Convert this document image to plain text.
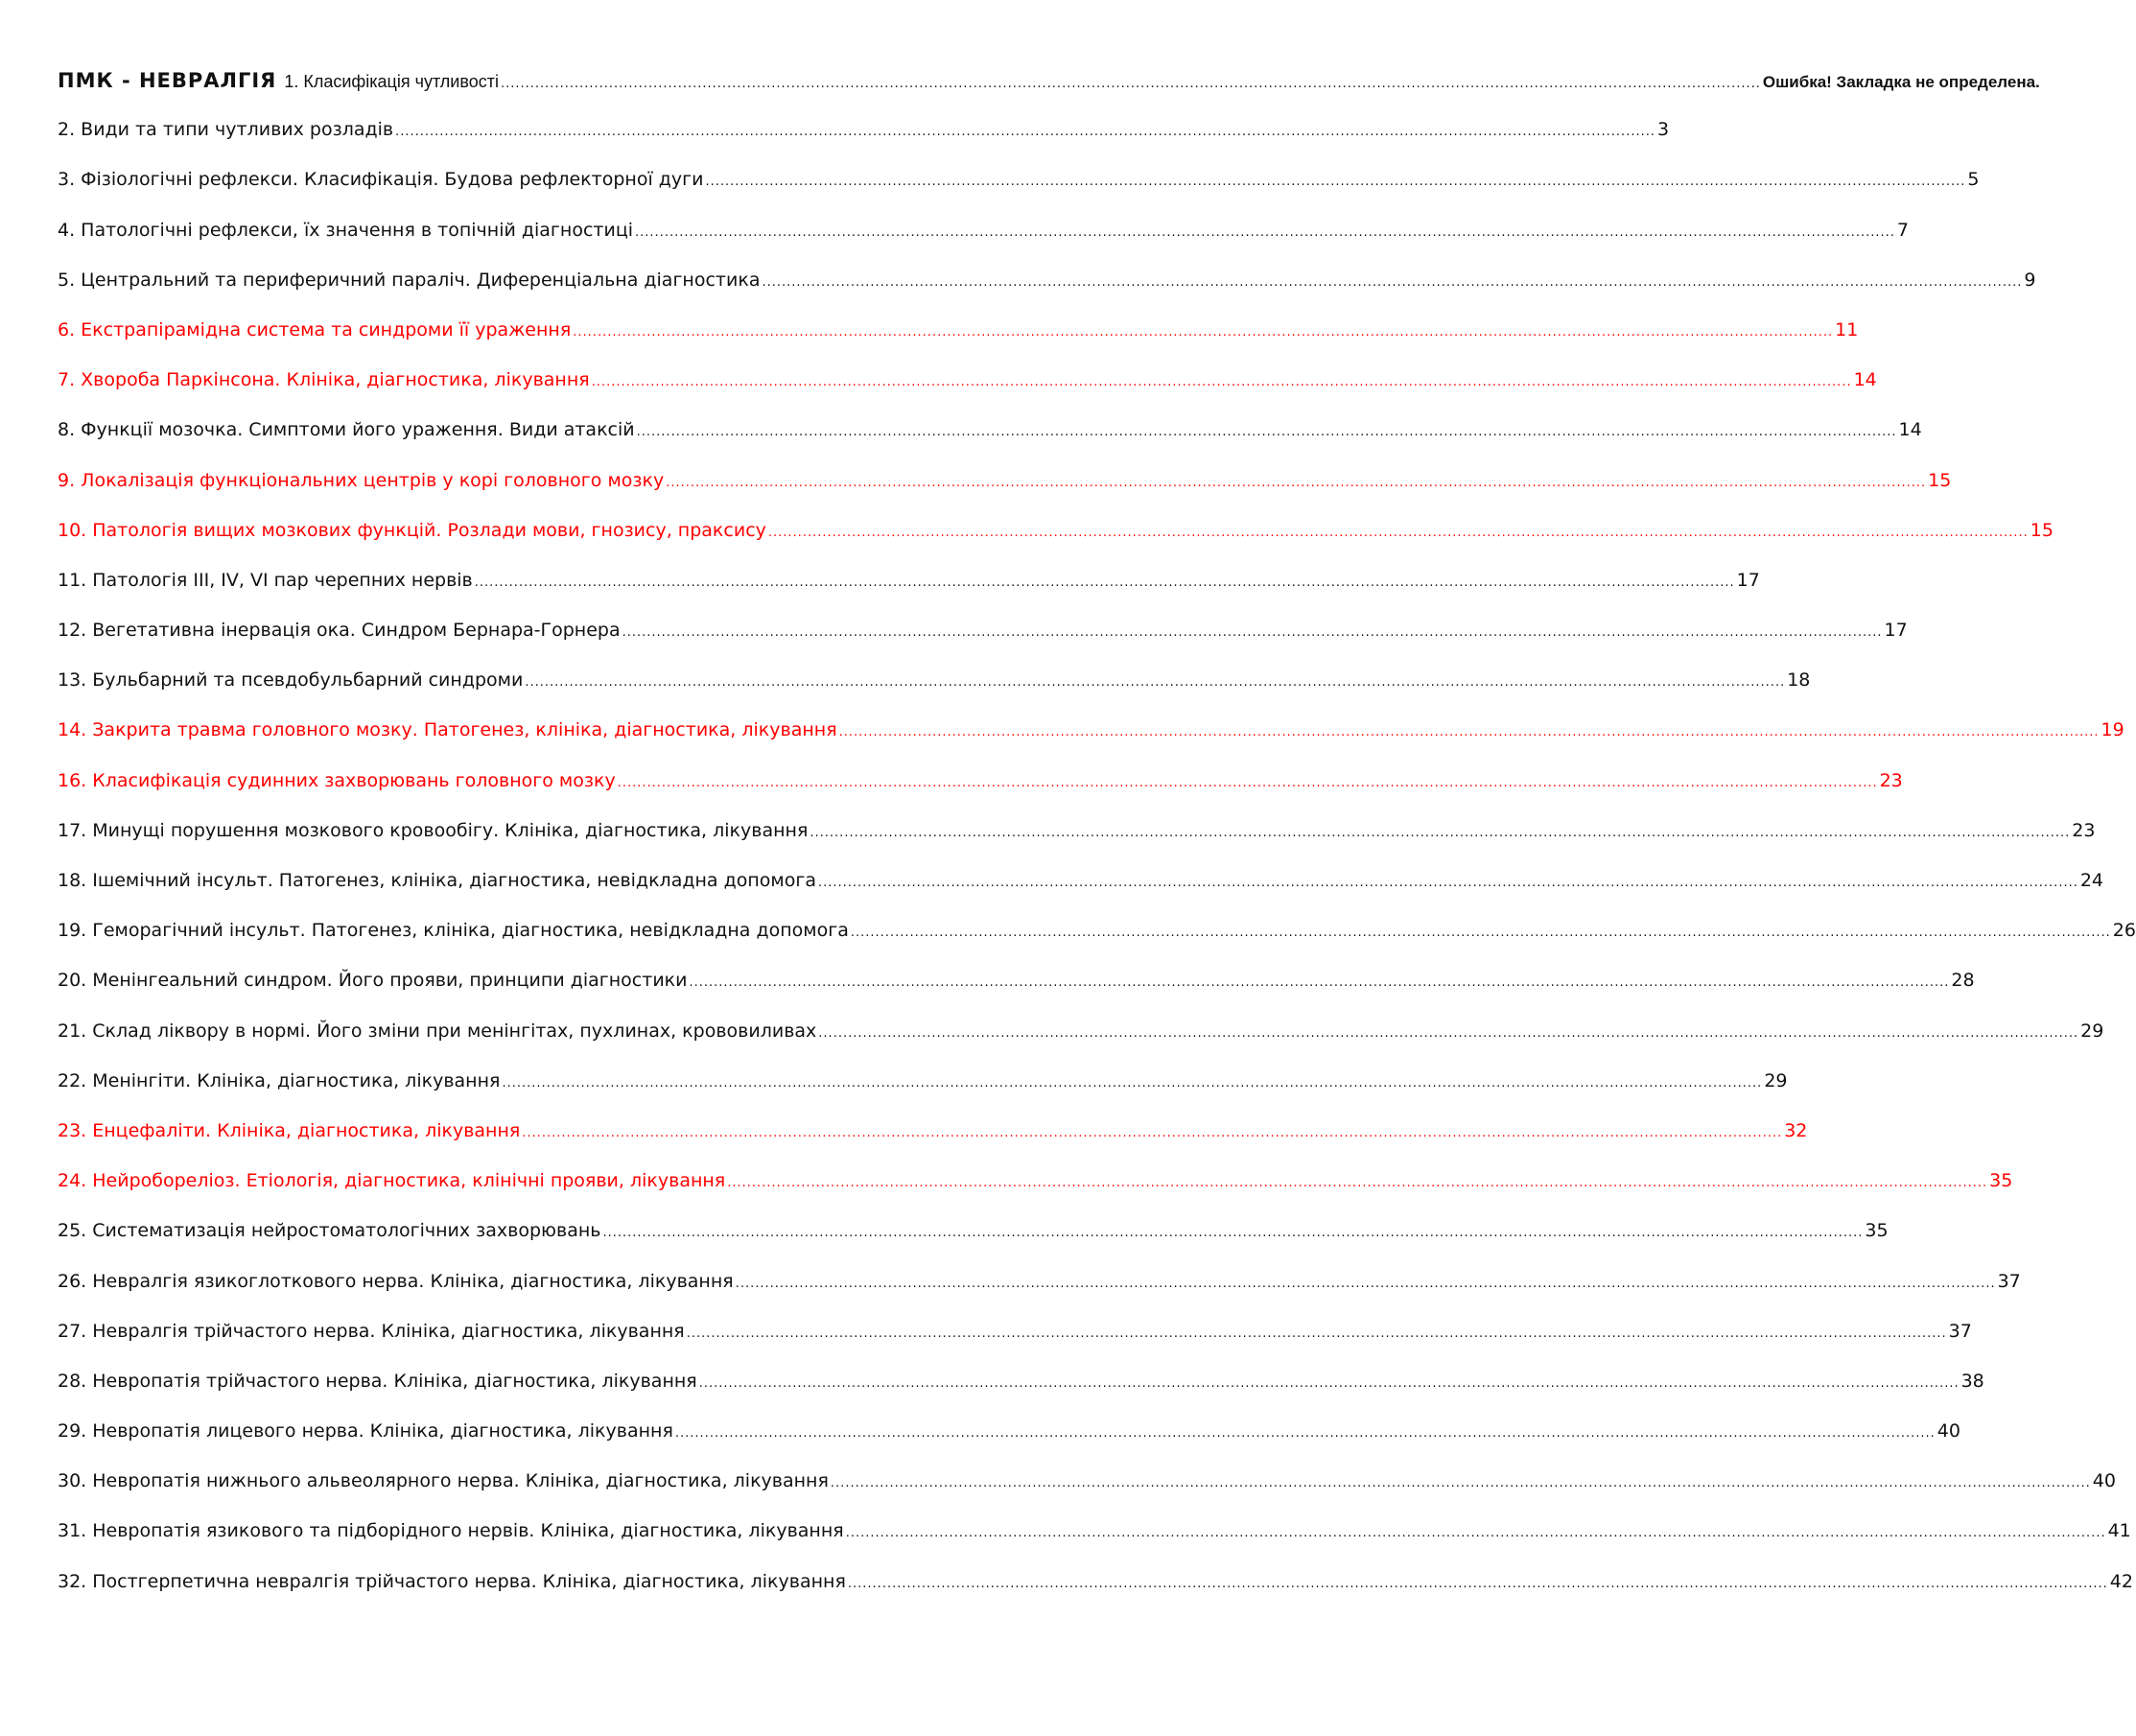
ПМК - НЕВРАЛГІЯ 1. Класифікація чутливості .....	Ошибка! Закладка не определена.
2. Види та типи чутливих розладів .....	3
3. Фізіологічні рефлекси. Класифікація. Будова рефлекторної дуги .....	5
4. Патологічні рефлекси, їх значення в топічній діагностиці .....	7
5. Центральний та периферичний параліч. Диференціальна діагностика .....	9
6. Екстрапірамідна система та синдроми її ураження .....	11
7. Хвороба Паркінсона. Клініка, діагностика, лікування .....	14
8. Функції мозочка. Симптоми його ураження. Види атаксій .....	14
9. Локалізація функціональних центрів у корі головного мозку .....	15
10. Патологія вищих мозкових функцій. Розлади мови, гнозису, праксису .....	15
11. Патологія III, IV, VI пар черепних нервів .....	17
12. Вегетативна інервація ока. Синдром Бернара-Горнера .....	17
13. Бульбарний та псевдобульбарний синдроми .....	18
14. Закрита травма головного мозку. Патогенез, клініка, діагностика, лікування .....	19
16. Класифікація судинних захворювань головного мозку .....	23
17. Минущі порушення мозкового кровообігу. Клініка, діагностика, лікування .....	23
18. Ішемічний інсульт. Патогенез, клініка, діагностика, невідкладна допомога .....	24
19. Геморагічний інсульт. Патогенез, клініка, діагностика, невідкладна допомога .....	26
20. Менінгеальний синдром. Його прояви, принципи діагностики .....	28
21. Склад ліквору в нормі. Його зміни при менінгітах, пухлинах, крововиливах .....	29
22. Менінгіти. Клініка, діагностика, лікування .....	29
23. Енцефаліти. Клініка, діагностика, лікування .....	32
24. Нейробореліоз. Етіологія, діагностика, клінічні прояви, лікування .....	35
25. Систематизація нейростоматологічних захворювань .....	35
26. Невралгія язикоглоткового нерва. Клініка, діагностика, лікування .....	37
27. Невралгія трійчастого нерва. Клініка, діагностика, лікування .....	37
28. Невропатія трійчастого нерва. Клініка, діагностика, лікування .....	38
29. Невропатія лицевого нерва. Клініка, діагностика, лікування .....	40
30. Невропатія нижнього альвеолярного нерва. Клініка, діагностика, лікування .....	40
31. Невропатія язикового та підборідного нервів. Клініка, діагностика, лікування .....	41
32. Постгерпетична невралгія трійчастого нерва. Клініка, діагностика, лікування .....	42
